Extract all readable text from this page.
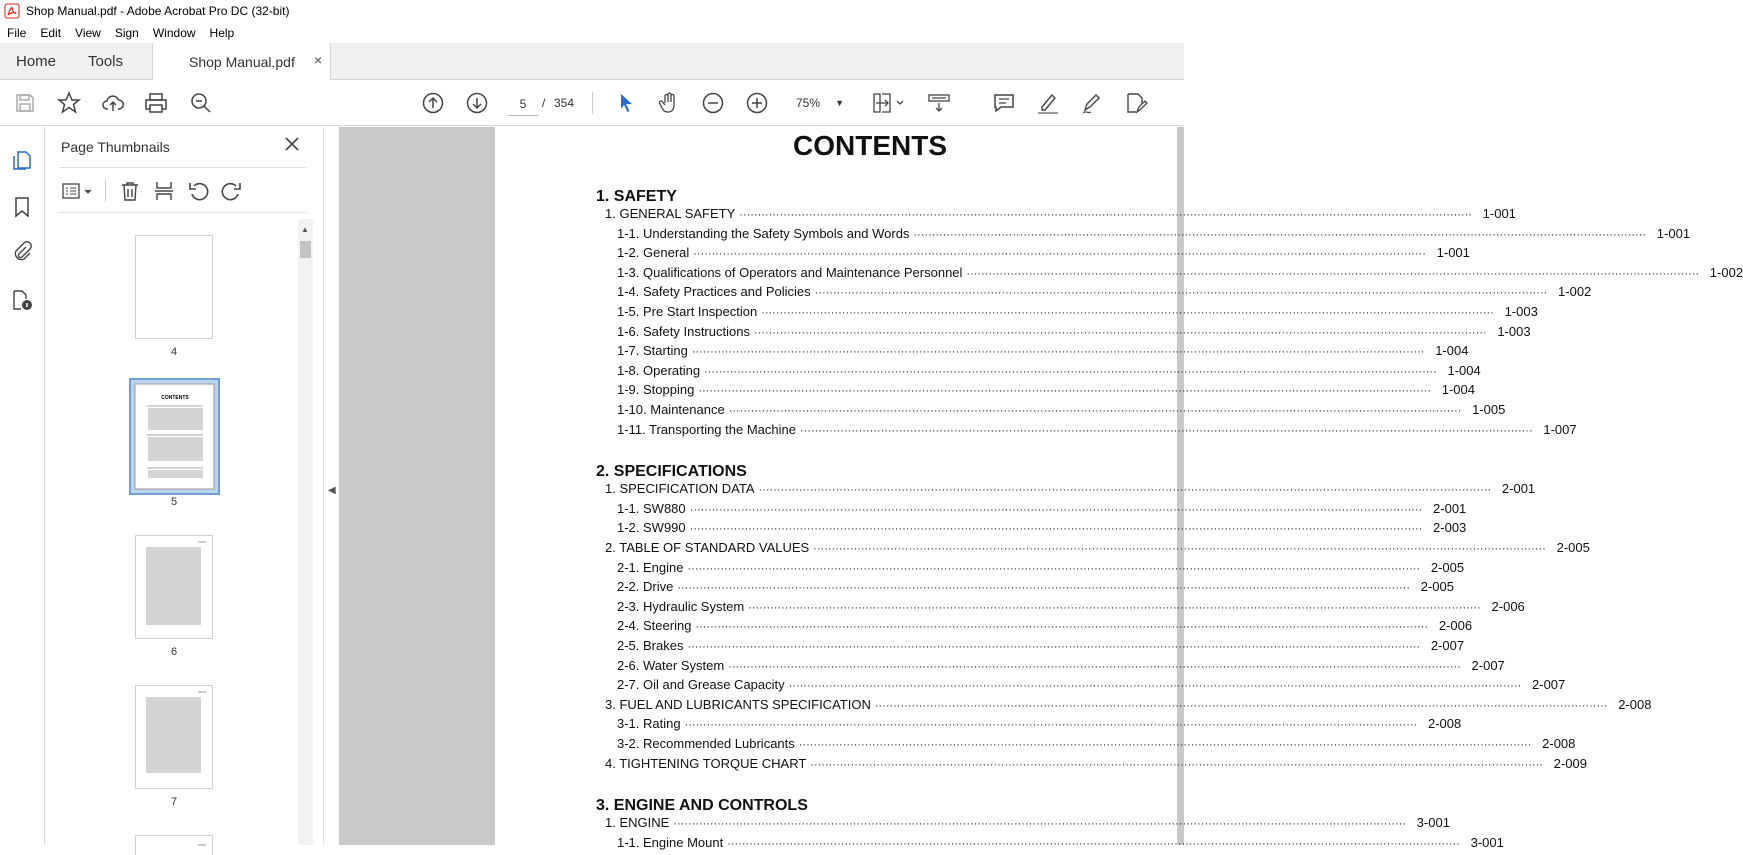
Shop Manual.pdf - Adobe Acrobat Pro DC (32-bit)
File	Edit	View	Sign	Window	Help
Home Tools	Shop Manual.pdf ×
5	/ 354	75% ▼
Page Thumbnails
4
CONTENTS
5
6
7
▲
◀
CONTENTS
1. SAFETY
1. GENERAL SAFETY ········································································································································································································ 1-001
1-1. Understanding the Safety Symbols and Words ········································································································································································································ 1-001
1-2. General ········································································································································································································ 1-001
1-3. Qualifications of Operators and Maintenance Personnel ········································································································································································································ 1-002
1-4. Safety Practices and Policies ········································································································································································································ 1-002
1-5. Pre Start Inspection ········································································································································································································ 1-003
1-6. Safety Instructions ········································································································································································································ 1-003
1-7. Starting ········································································································································································································ 1-004
1-8. Operating ········································································································································································································ 1-004
1-9. Stopping ········································································································································································································ 1-004
1-10. Maintenance ········································································································································································································ 1-005
1-11. Transporting the Machine ········································································································································································································ 1-007
2. SPECIFICATIONS
1. SPECIFICATION DATA ········································································································································································································ 2-001
1-1. SW880 ········································································································································································································ 2-001
1-2. SW990 ········································································································································································································ 2-003
2. TABLE OF STANDARD VALUES ········································································································································································································ 2-005
2-1. Engine ········································································································································································································ 2-005
2-2. Drive ········································································································································································································ 2-005
2-3. Hydraulic System ········································································································································································································ 2-006
2-4. Steering ········································································································································································································ 2-006
2-5. Brakes ········································································································································································································ 2-007
2-6. Water System ········································································································································································································ 2-007
2-7. Oil and Grease Capacity ········································································································································································································ 2-007
3. FUEL AND LUBRICANTS SPECIFICATION ········································································································································································································ 2-008
3-1. Rating ········································································································································································································ 2-008
3-2. Recommended Lubricants ········································································································································································································ 2-008
4. TIGHTENING TORQUE CHART ········································································································································································································ 2-009
3. ENGINE AND CONTROLS
1. ENGINE ········································································································································································································ 3-001
1-1. Engine Mount ········································································································································································································ 3-001
